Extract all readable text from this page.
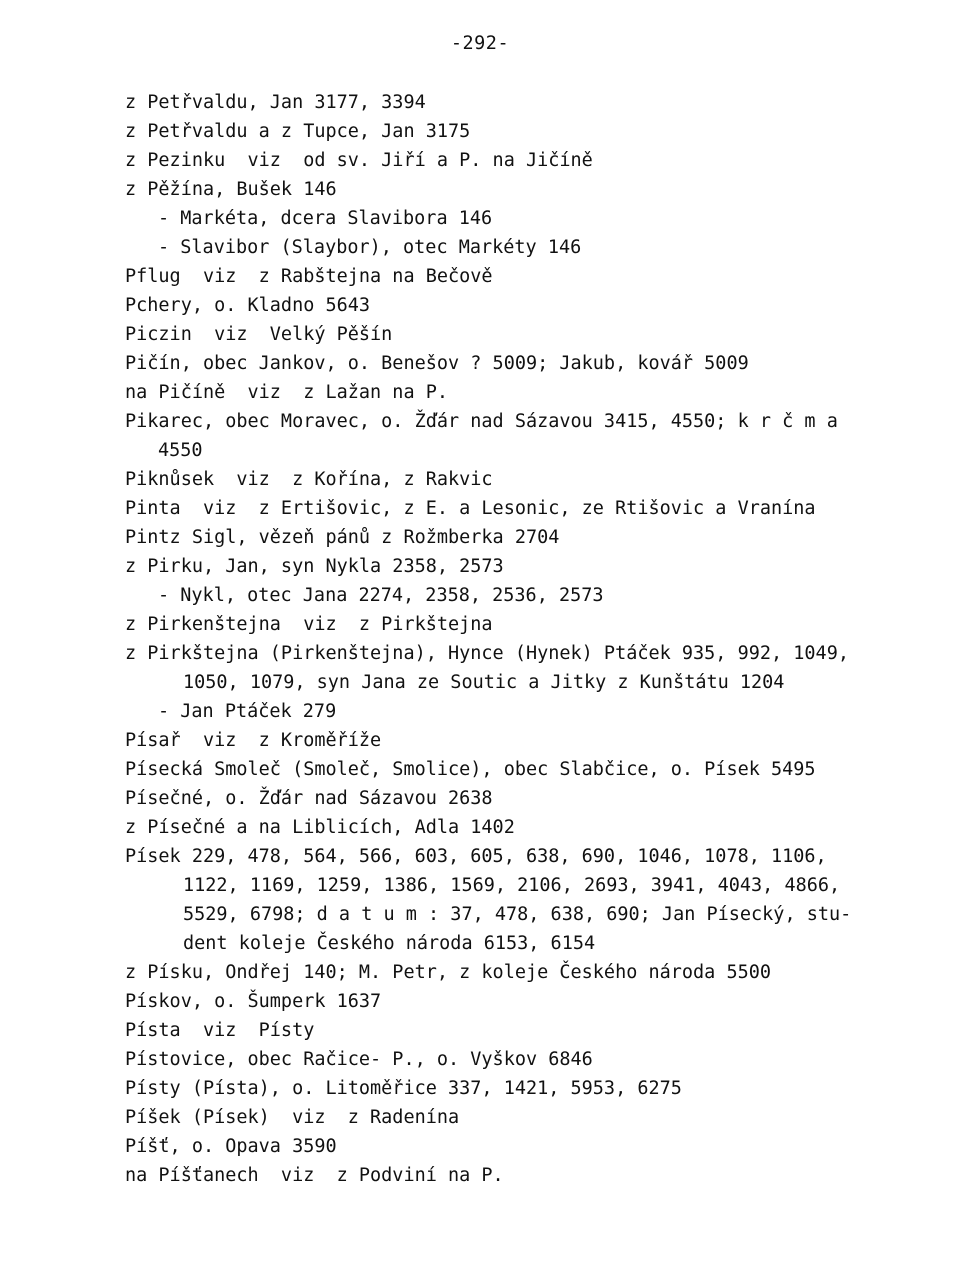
-292-
z Petřvaldu, Jan 3177, 3394
z Petřvaldu a z Tupce, Jan 3175
z Pezinku  viz  od sv. Jiří a P. na Jičíně
z Pěžína, Bušek 146
- Markéta, dcera Slavibora 146
- Slavibor (Slaybor), otec Markéty 146
Pflug  viz  z Rabštejna na Bečově
Pchery, o. Kladno 5643
Piczin  viz  Velký Pěšín
Pičín, obec Jankov, o. Benešov ? 5009; Jakub, kovář 5009
na Pičíně  viz  z Lažan na P.
Pikarec, obec Moravec, o. Žďár nad Sázavou 3415, 4550; k r č m a
4550
Piknůsek  viz  z Kořína, z Rakvic
Pinta  viz  z Ertišovic, z E. a Lesonic, ze Rtišovic a Vranína
Pintz Sigl, vězeň pánů z Rožmberka 2704
z Pirku, Jan, syn Nykla 2358, 2573
- Nykl, otec Jana 2274, 2358, 2536, 2573
z Pirkenštejna  viz  z Pirkštejna
z Pirkštejna (Pirkenštejna), Hynce (Hynek) Ptáček 935, 992, 1049,
1050, 1079, syn Jana ze Soutic a Jitky z Kunštátu 1204
- Jan Ptáček 279
Písař  viz  z Kroměříže
Písecká Smoleč (Smoleč, Smolice), obec Slabčice, o. Písek 5495
Písečné, o. Žďár nad Sázavou 2638
z Písečné a na Liblicích, Adla 1402
Písek 229, 478, 564, 566, 603, 605, 638, 690, 1046, 1078, 1106,
1122, 1169, 1259, 1386, 1569, 2106, 2693, 3941, 4043, 4866,
5529, 6798; d a t u m : 37, 478, 638, 690; Jan Písecký, stu-
dent koleje Českého národa 6153, 6154
z Písku, Ondřej 140; M. Petr, z koleje Českého národa 5500
Pískov, o. Šumperk 1637
Písta  viz  Písty
Pístovice, obec Račice- P., o. Vyškov 6846
Písty (Písta), o. Litoměřice 337, 1421, 5953, 6275
Píšek (Písek)  viz  z Radenína
Píšť, o. Opava 3590
na Píšťanech  viz  z Podviní na P.
